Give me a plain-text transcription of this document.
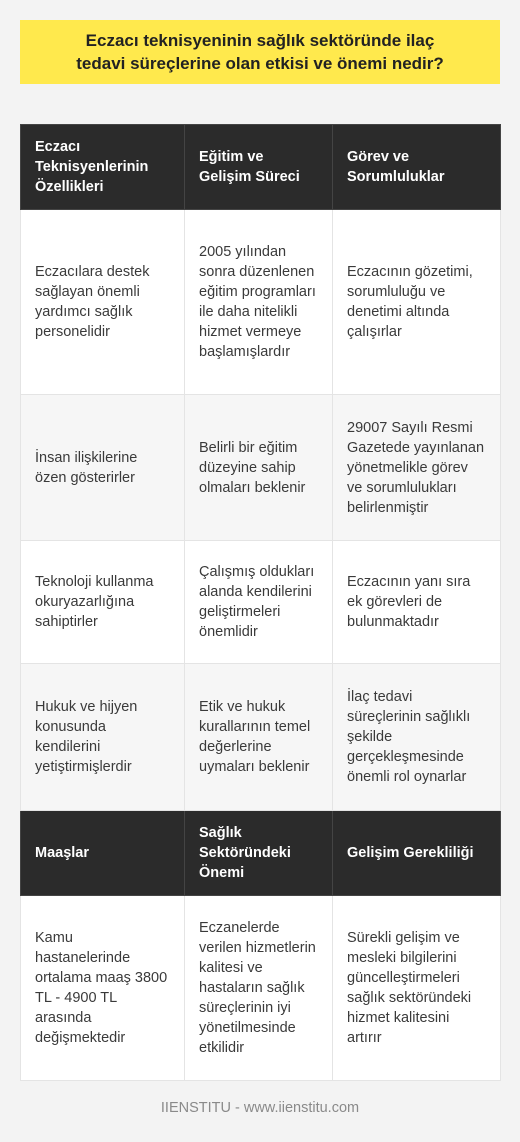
Eczacı teknisyeninin sağlık sektöründe ilaç tedavi süreçlerine olan etkisi ve önemi nedir?
Eczacı Teknisyenlerinin Özellikleri	Eğitim ve Gelişim Süreci	Görev ve Sorumluluklar
Eczacılara destek sağlayan önemli yardımcı sağlık personelidir	2005 yılından sonra düzenlenen eğitim programları ile daha nitelikli hizmet vermeye başlamışlardır	Eczacının gözetimi, sorumluluğu ve denetimi altında çalışırlar
İnsan ilişkilerine özen gösterirler	Belirli bir eğitim düzeyine sahip olmaları beklenir	29007 Sayılı Resmi Gazetede yayınlanan yönetmelikle görev ve sorumlulukları belirlenmiştir
Teknoloji kullanma okuryazarlığına sahiptirler	Çalışmış oldukları alanda kendilerini geliştirmeleri önemlidir	Eczacının yanı sıra ek görevleri de bulunmaktadır
Hukuk ve hijyen konusunda kendilerini yetiştirmişlerdir	Etik ve hukuk kurallarının temel değerlerine uymaları beklenir	İlaç tedavi süreçlerinin sağlıklı şekilde gerçekleşmesinde önemli rol oynarlar
Maaşlar	Sağlık Sektöründeki Önemi	Gelişim Gerekliliği
Kamu hastanelerinde ortalama maaş 3800 TL - 4900 TL arasında değişmektedir	Eczanelerde verilen hizmetlerin kalitesi ve hastaların sağlık süreçlerinin iyi yönetilmesinde etkilidir	Sürekli gelişim ve mesleki bilgilerini güncelleştirmeleri sağlık sektöründeki hizmet kalitesini artırır
IIENSTITU - www.iienstitu.com
